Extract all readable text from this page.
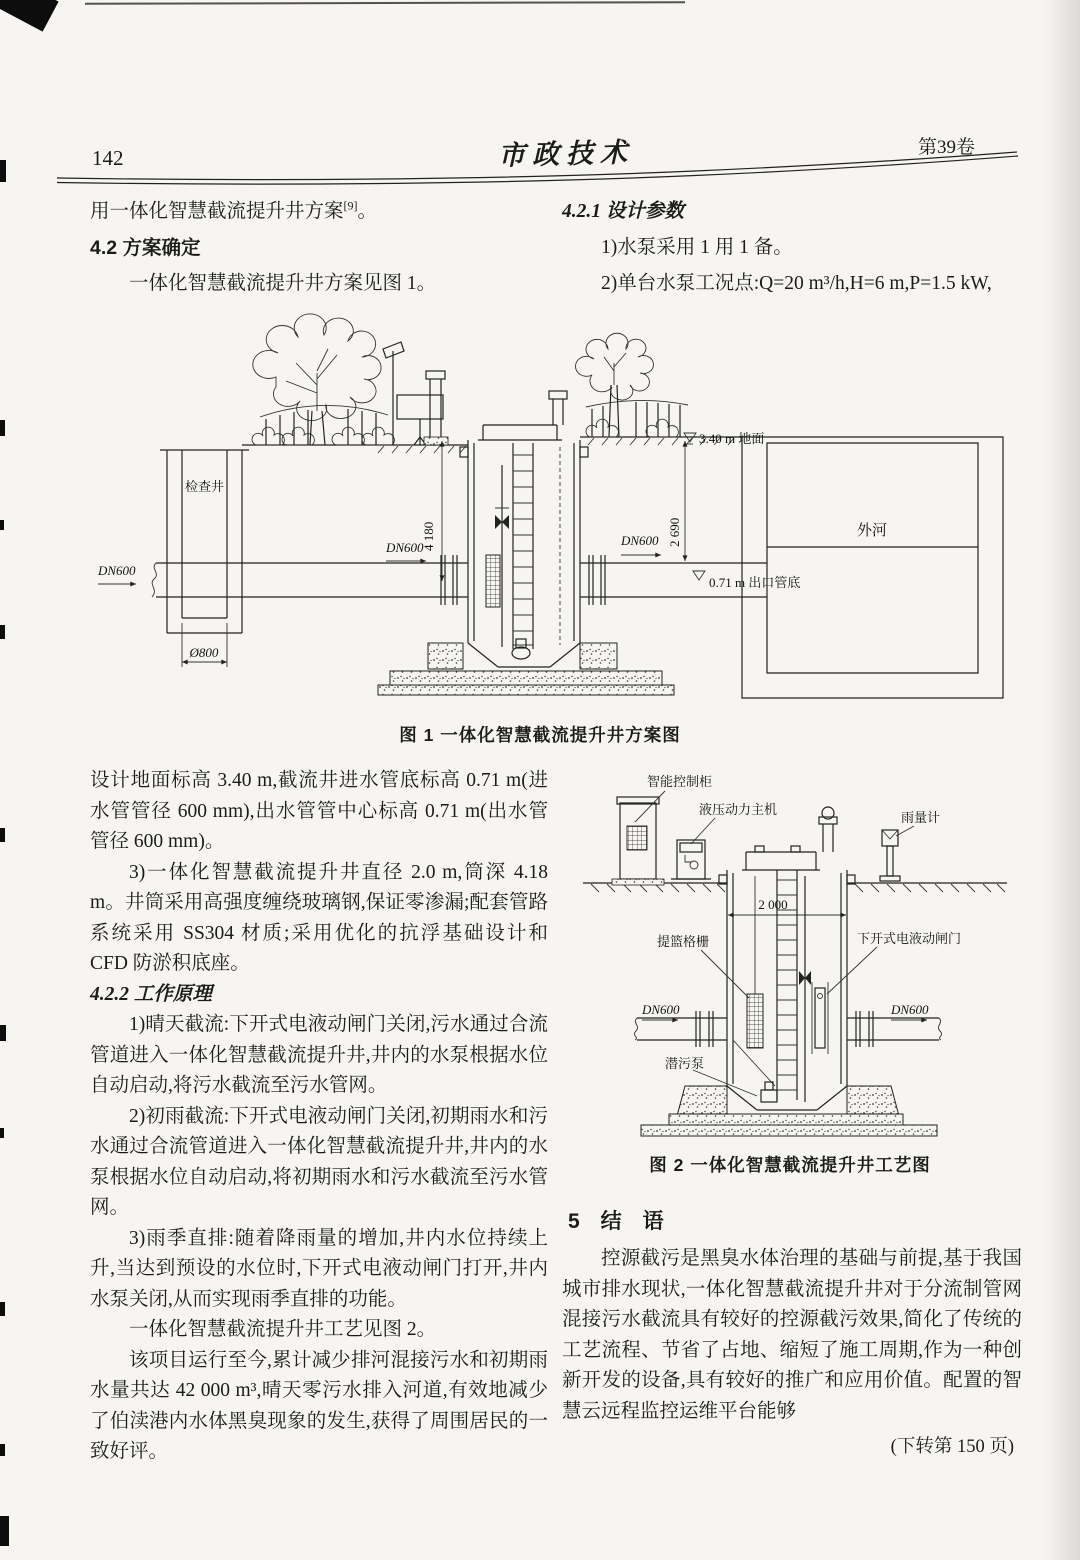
142	市政技术	第39卷

用一体化智慧截流提升井方案[9]。

4.2 方案确定

一体化智慧截流提升井方案见图 1。

4.2.1 设计参数

1)水泵采用 1 用 1 备。

2)单台水泵工况点:Q=20 m³/h,H=6 m,P=1.5 kW,

检查井
Ø800
DN600
DN600
4 180	DN600 2 690
3.40 m 地面
0.71 m 出口管底
外河
图 1 一体化智慧截流提升井方案图

设计地面标高 3.40 m,截流井进水管底标高 0.71 m(进水管管径 600 mm),出水管管中心标高 0.71 m(出水管管径 600 mm)。

3)一体化智慧截流提升井直径 2.0 m,筒深 4.18 m。井筒采用高强度缠绕玻璃钢,保证零渗漏;配套管路系统采用 SS304 材质;采用优化的抗浮基础设计和 CFD 防淤积底座。

4.2.2 工作原理

1)晴天截流:下开式电液动闸门关闭,污水通过合流管道进入一体化智慧截流提升井,井内的水泵根据水位自动启动,将污水截流至污水管网。

2)初雨截流:下开式电液动闸门关闭,初期雨水和污水通过合流管道进入一体化智慧截流提升井,井内的水泵根据水位自动启动,将初期雨水和污水截流至污水管网。

3)雨季直排:随着降雨量的增加,井内水位持续上升,当达到预设的水位时,下开式电液动闸门打开,井内水泵关闭,从而实现雨季直排的功能。

一体化智慧截流提升井工艺见图 2。

该项目运行至今,累计减少排河混接污水和初期雨水量共达 42 000 m³,晴天零污水排入河道,有效地减少了伯渎港内水体黑臭现象的发生,获得了周围居民的一致好评。

智能控制柜
液压动力主机
雨量计
2 000
提篮格栅	下开式电液动闸门
潜污泵
DN600	DN600
图 2 一体化智慧截流提升井工艺图
5　结　语

控源截污是黑臭水体治理的基础与前提,基于我国城市排水现状,一体化智慧截流提升井对于分流制管网混接污水截流具有较好的控源截污效果,简化了传统的工艺流程、节省了占地、缩短了施工周期,作为一种创新开发的设备,具有较好的推广和应用价值。配置的智慧云远程监控运维平台能够

(下转第 150 页)
